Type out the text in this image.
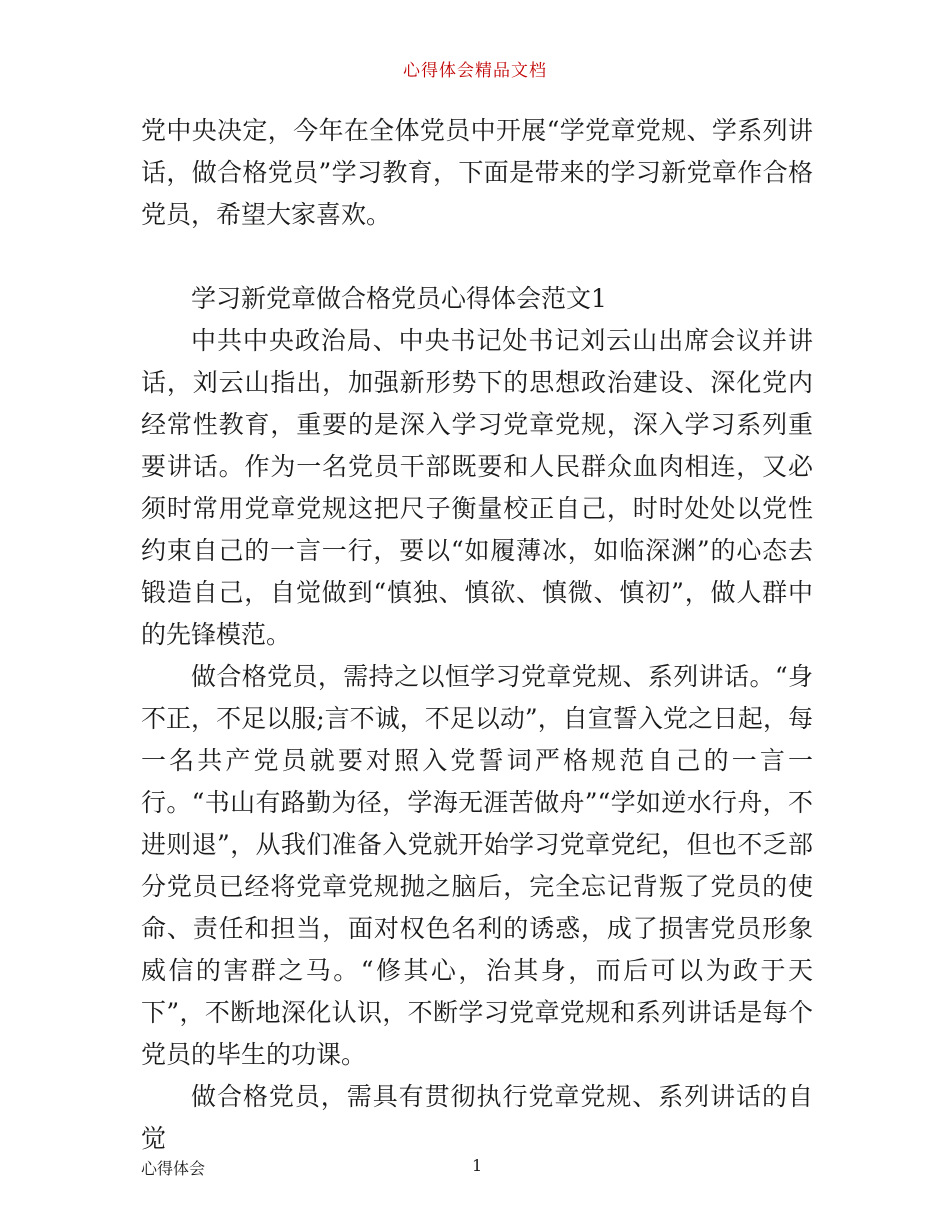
心得体会精品文档

党中央决定，今年在全体党员中开展“学党章党规、学系列讲话，做合格党员”学习教育，下面是带来的学习新党章作合格党员，希望大家喜欢。

学习新党章做合格党员心得体会范文1

中共中央政治局、中央书记处书记刘云山出席会议并讲话，刘云山指出，加强新形势下的思想政治建设、深化党内经常性教育，重要的是深入学习党章党规，深入学习系列重要讲话。作为一名党员干部既要和人民群众血肉相连，又必须时常用党章党规这把尺子衡量校正自己，时时处处以党性约束自己的一言一行，要以“如履薄冰，如临深渊”的心态去锻造自己，自觉做到“慎独、慎欲、慎微、慎初”，做人群中的先锋模范。

做合格党员，需持之以恒学习党章党规、系列讲话。“身不正，不足以服;言不诚，不足以动”，自宣誓入党之日起，每一名共产党员就要对照入党誓词严格规范自己的一言一行。“书山有路勤为径，学海无涯苦做舟”“学如逆水行舟，不进则退”，从我们准备入党就开始学习党章党纪，但也不乏部分党员已经将党章党规抛之脑后，完全忘记背叛了党员的使命、责任和担当，面对权色名利的诱惑，成了损害党员形象威信的害群之马。“修其心，治其身，而后可以为政于天下”，不断地深化认识，不断学习党章党规和系列讲话是每个党员的毕生的功课。

做合格党员，需具有贯彻执行党章党规、系列讲话的自觉

心得体会	1
